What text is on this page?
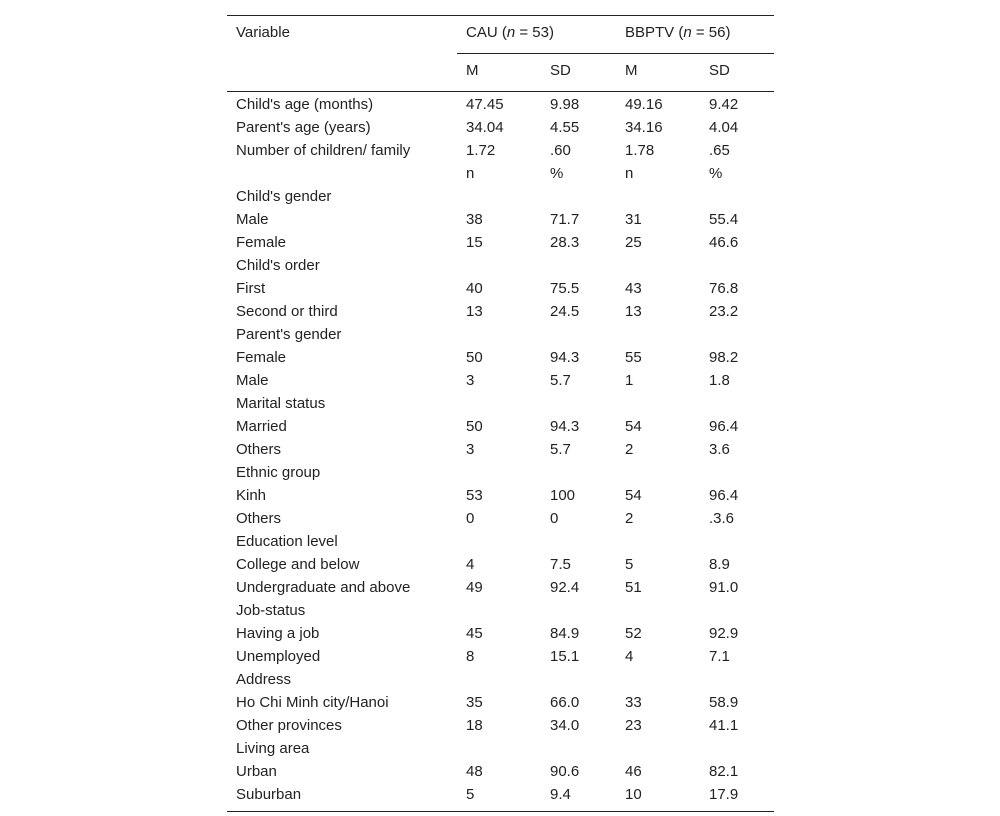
Variable	CAU (n = 53)		BBPTV (n = 56)	
	M	SD	M	SD
Child's age (months)	47.45	9.98	49.16	9.42
Parent's age (years)	34.04	4.55	34.16	4.04
Number of children/ family	1.72	.60	1.78	.65
	n	%	n	%
Child's gender				
Male	38	71.7	31	55.4
Female	15	28.3	25	46.6
Child's order				
First	40	75.5	43	76.8
Second or third	13	24.5	13	23.2
Parent's gender				
Female	50	94.3	55	98.2
Male	3	5.7	1	1.8
Marital status				
Married	50	94.3	54	96.4
Others	3	5.7	2	3.6
Ethnic group				
Kinh	53	100	54	96.4
Others	0	0	2	.3.6
Education level				
College and below	4	7.5	5	8.9
Undergraduate and above	49	92.4	51	91.0
Job-status				
Having a job	45	84.9	52	92.9
Unemployed	8	15.1	4	7.1
Address				
Ho Chi Minh city/Hanoi	35	66.0	33	58.9
Other provinces	18	34.0	23	41.1
Living area				
Urban	48	90.6	46	82.1
Suburban	5	9.4	10	17.9
